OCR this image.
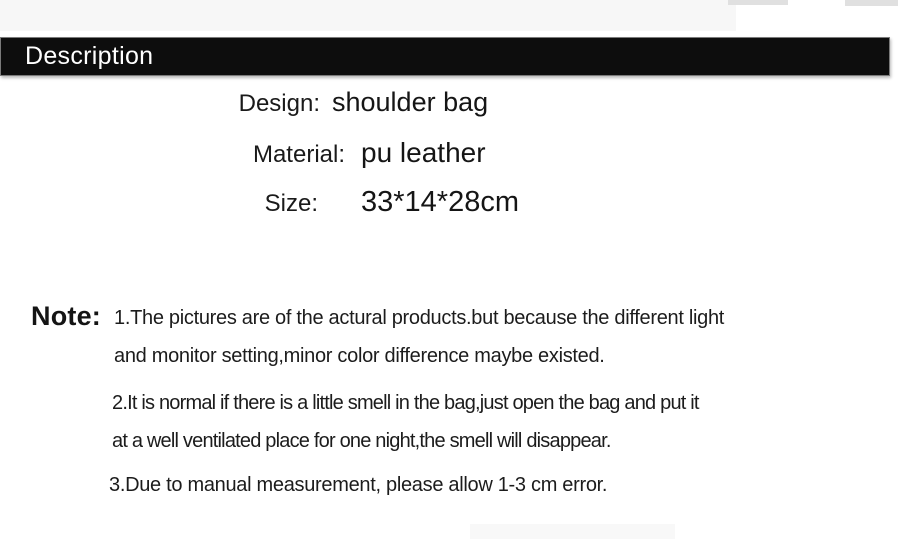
Description
Design: shoulder bag
Material: pu leather
Size: 33*14*28cm
Note: 1.The pictures are of the actural products.but because the different light
and monitor setting,minor color difference maybe existed.
2.It is normal if there is a little smell in the bag,just open the bag and put it
at a well ventilated place for one night,the smell will disappear.
3.Due to manual measurement, please allow 1-3 cm error.
